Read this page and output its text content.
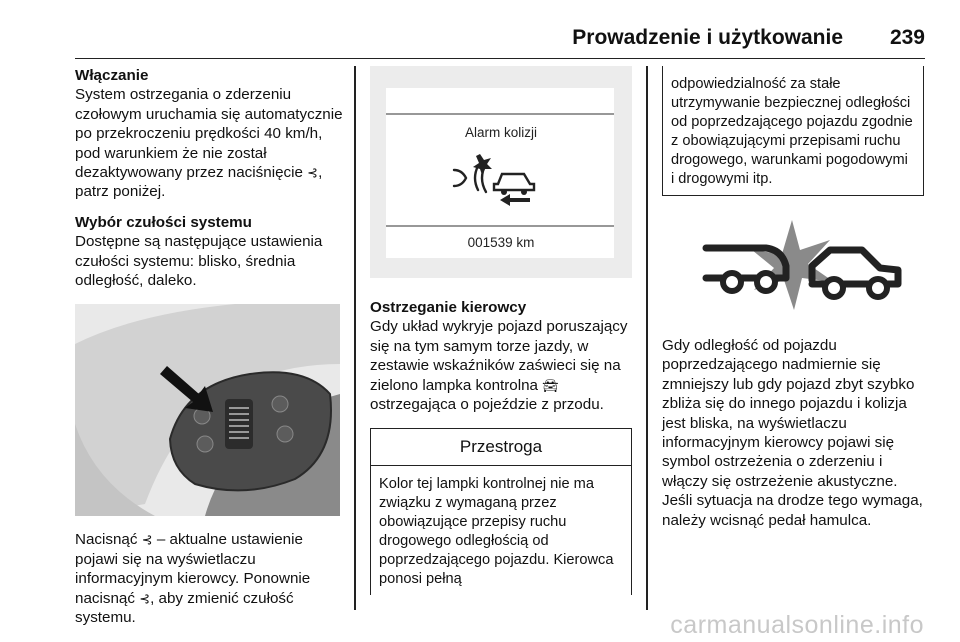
Prowadzenie i użytkowanie 239

Włączanie

System ostrzegania o zderzeniu czołowym uruchamia się automatycznie po przekroczeniu prędkości 40 km/h, pod warunkiem że nie został dezaktywowany przez naciśnięcie ⊰, patrz poniżej.

Wybór czułości systemu

Dostępne są następujące ustawienia czułości systemu: blisko, średnia odległość, daleko.

Nacisnąć ⊰ – aktualne ustawienie pojawi się na wyświetlaczu informacyjnym kierowcy. Ponownie nacisnąć ⊰, aby zmienić czułość systemu.

Alarm kolizji
001539 km

Ostrzeganie kierowcy

Gdy układ wykryje pojazd poruszający się na tym samym torze jazdy, w zestawie wskaźników zaświeci się na zielono lampka kontrolna 🚘︎ ostrzegająca o pojeździe z przodu.

Przestroga
Kolor tej lampki kontrolnej nie ma związku z wymaganą przez obowiązujące przepisy ruchu drogowego odległością od poprzedzającego pojazdu. Kierowca ponosi pełną
odpowiedzialność za stałe utrzymywanie bezpiecznej odległości od poprzedzającego pojazdu zgodnie z obowiązującymi przepisami ruchu drogowego, warunkami pogodowymi i drogowymi itp.

Gdy odległość od pojazdu poprzedzającego nadmiernie się zmniejszy lub gdy pojazd zbyt szybko zbliża się do innego pojazdu i kolizja jest bliska, na wyświetlaczu informacyjnym kierowcy pojawi się symbol ostrzeżenia o zderzeniu i włączy się ostrzeżenie akustyczne. Jeśli sytuacja na drodze tego wymaga, należy wcisnąć pedał hamulca.

carmanualsonline.info
